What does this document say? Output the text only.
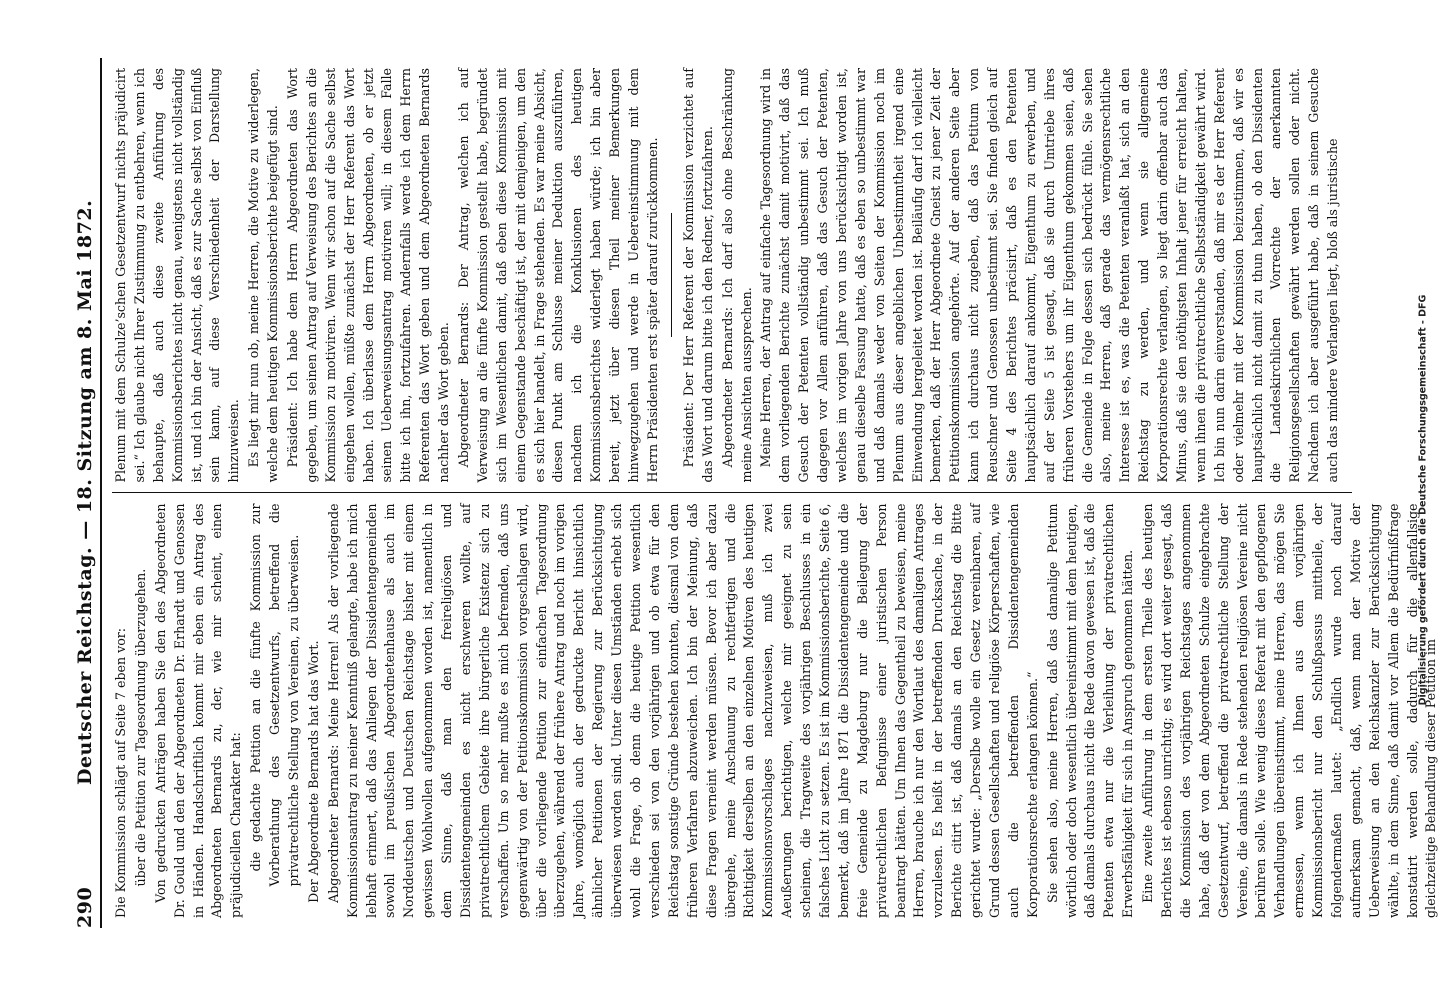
290
Deutscher Reichstag. — 18. Sitzung am 8. Mai 1872. Die Kommission schlägt auf Seite 7 eben vor: über die Petition zur Tagesordnung überzugehen. Von gedruckten Anträgen haben Sie den des Abgeordneten Dr. Gould und den der Abgeordneten Dr. Erhardt und Genossen in Händen. Handschriftlich kommt mir eben ein Antrag des Abgeordneten Bernards zu, der, wie mir scheint, einen präjudiciellen Charakter hat: die gedachte Petition an die fünfte Kommission zur Vorberathung des Gesetzentwurfs, betreffend die privatrechtliche Stellung von Vereinen, zu überweisen. Der Abgeordnete Bernards hat das Wort. Abgeordneter Bernards: Meine Herren! Als der vorliegende Kommissionsantrag zu meiner Kenntniß gelangte, habe ich mich lebhaft erinnert, daß das Anliegen der Dissidentengemeinden sowohl im preußischen Abgeordnetenhause als auch im Norddeutschen und Deutschen Reichstage bisher mit einem gewissen Wohlwollen aufgenommen worden ist, namentlich in dem Sinne, daß man den freireligiösen und Dissidentengemeinden es nicht erschweren wollte, auf privatrechtlichem Gebiete ihre bürgerliche Existenz sich zu verschaffen. Um so mehr mußte es mich befremden, daß uns gegenwärtig von der Petitionskommission vorgeschlagen wird, über die vorliegende Petition zur einfachen Tagesordnung überzugehen, während der frühere Antrag und noch im vorigen Jahre, womöglich auch der gedruckte Bericht hinsichtlich ähnlicher Petitionen der Regierung zur Berücksichtigung überwiesen worden sind. Unter diesen Umständen erhebt sich wohl die Frage, ob denn die heutige Petition wesentlich verschieden sei von den vorjährigen und ob etwa für den Reichstag sonstige Gründe bestehen konnten, diesmal von dem früheren Verfahren abzuweichen. Ich bin der Meinung, daß diese Fragen verneint werden müssen. Bevor ich aber dazu übergehe, meine Anschauung zu rechtfertigen und die Richtigkeit derselben an den einzelnen Motiven des heutigen Kommissionsvorschlages nachzuweisen, muß ich zwei Aeußerungen berichtigen, welche mir geeignet zu sein scheinen, die Tragweite des vorjährigen Beschlusses in ein falsches Licht zu setzen. Es ist im Kommissionsberichte, Seite 6, bemerkt, daß im Jahre 1871 die Dissidentengemeinde und die freie Gemeinde zu Magdeburg nur die Beilegung der privatrechtlichen Befugnisse einer juristischen Person beantragt hätten. Um Ihnen das Gegentheil zu beweisen, meine Herren, brauche ich nur den Wortlaut des damaligen Antrages vorzulesen. Es heißt in der betreffenden Drucksache, in der Berichte citirt ist, daß damals an den Reichstag die Bitte gerichtet wurde: „Derselbe wolle ein Gesetz vereinbaren, auf Grund dessen Gesellschaften und religiöse Körperschaften, wie auch die betreffenden Dissidentengemeinden Korporationsrechte erlangen können.“ Sie sehen also, meine Herren, daß das damalige Petitum wörtlich oder doch wesentlich übereinstimmt mit dem heutigen, daß damals durchaus nicht die Rede davon gewesen ist, daß die Petenten etwa nur die Verleihung der privatrechtlichen Erwerbsfähigkeit für sich in Anspruch genommen hätten. Eine zweite Anführung in dem ersten Theile des heutigen Berichtes ist ebenso unrichtig; es wird dort weiter gesagt, daß die Kommission des vorjährigen Reichstages angenommen habe, daß der von dem Abgeordneten Schulze eingebrachte Gesetzentwurf, betreffend die privatrechtliche Stellung der Vereine, die damals in Rede stehenden religiösen Vereine nicht berühren solle. Wie wenig dieses Referat mit den gepflogenen Verhandlungen übereinstimmt, meine Herren, das mögen Sie ermessen, wenn ich Ihnen aus dem vorjährigen Kommissionsbericht nur den Schlußpassus mittheile, der folgendermaßen lautet: „Endlich wurde noch darauf aufmerksam gemacht, daß, wenn man der Motive der Ueberweisung an den Reichskanzler zur Berücksichtigung wählte, in dem Sinne, daß damit vor Allem die Bedürfnißfrage konstatirt werden solle, dadurch für die allenfallsige gleichzeitige Behandlung dieser Petition im

Plenum mit dem Schulze’schen Gesetzentwurf nichts präjudicirt sei.“ Ich glaube nicht Ihrer Zustimmung zu entbehren, wenn ich behaupte, daß auch diese zweite Anführung des Kommissionsberichtes nicht genau, wenigstens nicht vollständig ist, und ich bin der Ansicht, daß es zur Sache selbst von Einfluß sein kann, auf diese Verschiedenheit der Darstellung hinzuweisen. Es liegt mir nun ob, meine Herren, die Motive zu widerlegen, welche dem heutigen Kommissionsberichte beigefügt sind. Präsident: Ich habe dem Herrn Abgeordneten das Wort gegeben, um seinen Antrag auf Verweisung des Berichtes an die Kommission zu motiviren. Wenn wir schon auf die Sache selbst eingehen wollen, müßte zunächst der Herr Referent das Wort haben. Ich überlasse dem Herrn Abgeordneten, ob er jetzt seinen Ueberweisungsantrag motiviren will; in diesem Falle bitte ich ihn, fortzufahren. Andernfalls werde ich dem Herrn Referenten das Wort geben und dem Abgeordneten Bernards nachher das Wort geben. Abgeordneter Bernards: Der Antrag, welchen ich auf Verweisung an die fünfte Kommission gestellt habe, begründet sich im Wesentlichen damit, daß eben diese Kommission mit einem Gegenstande beschäftigt ist, der mit demjenigen, um den es sich hier handelt, in Frage stehenden. Es war meine Absicht, diesen Punkt am Schlusse meiner Deduktion auszuführen, nachdem ich die Konklusionen des heutigen Kommissionsberichtes widerlegt haben würde; ich bin aber bereit, jetzt über diesen Theil meiner Bemerkungen hinwegzugehen und werde in Uebereinstimmung mit dem Herrn Präsidenten erst später darauf zurückkommen. Präsident: Der Herr Referent der Kommission verzichtet auf das Wort und darum bitte ich den Redner, fortzufahren. Abgeordneter Bernards: Ich darf also ohne Beschränkung meine Ansichten aussprechen. Meine Herren, der Antrag auf einfache Tagesordnung wird in dem vorliegenden Berichte zunächst damit motivirt, daß das Gesuch der Petenten vollständig unbestimmt sei. Ich muß dagegen vor Allem anführen, daß das Gesuch der Petenten, welches im vorigen Jahre von uns berücksichtigt worden ist, genau dieselbe Fassung hatte, daß es eben so unbestimmt war und daß damals weder von Seiten der Kommission noch im Plenum aus dieser angeblichen Unbestimmtheit irgend eine Einwendung hergeleitet worden ist. Beiläufig darf ich vielleicht bemerken, daß der Herr Abgeordnete Gneist zu jener Zeit der Petitionskommission angehörte. Auf der anderen Seite aber kann ich durchaus nicht zugeben, daß das Petitum von Reuschner und Genossen unbestimmt sei. Sie finden gleich auf Seite 4 des Berichtes präcisirt, daß es den Petenten hauptsächlich darauf ankommt, Eigenthum zu erwerben, und auf der Seite 5 ist gesagt, daß sie durch Umtriebe ihres früheren Vorstehers um ihr Eigenthum gekommen seien, daß die Gemeinde in Folge dessen sich bedrückt fühle. Sie sehen also, meine Herren, daß gerade das vermögensrechtliche Interesse ist es, was die Petenten veranlaßt hat, sich an den Reichstag zu werden, und wenn sie allgemeine Korporationsrechte verlangen, so liegt darin offenbar auch das Minus, daß sie den nöthigsten Inhalt jener für erreicht halten, wenn ihnen die privatrechtliche Selbstständigkeit gewährt wird. Ich bin nun darin einverstanden, daß mir es der Herr Referent oder vielmehr mit der Kommission beizustimmen, daß wir es hauptsächlich nicht damit zu thun haben, ob den Dissidenten die Landeskirchlichen Vorrechte der anerkannten Religionsgesellschaften gewährt werden sollen oder nicht. Nachdem ich aber ausgeführt habe, daß in seinem Gesuche auch das mindere Verlangen liegt, bloß als juristische	Digitalisierung gefördert durch die Deutsche Forschungsgemeinschaft - DFG
